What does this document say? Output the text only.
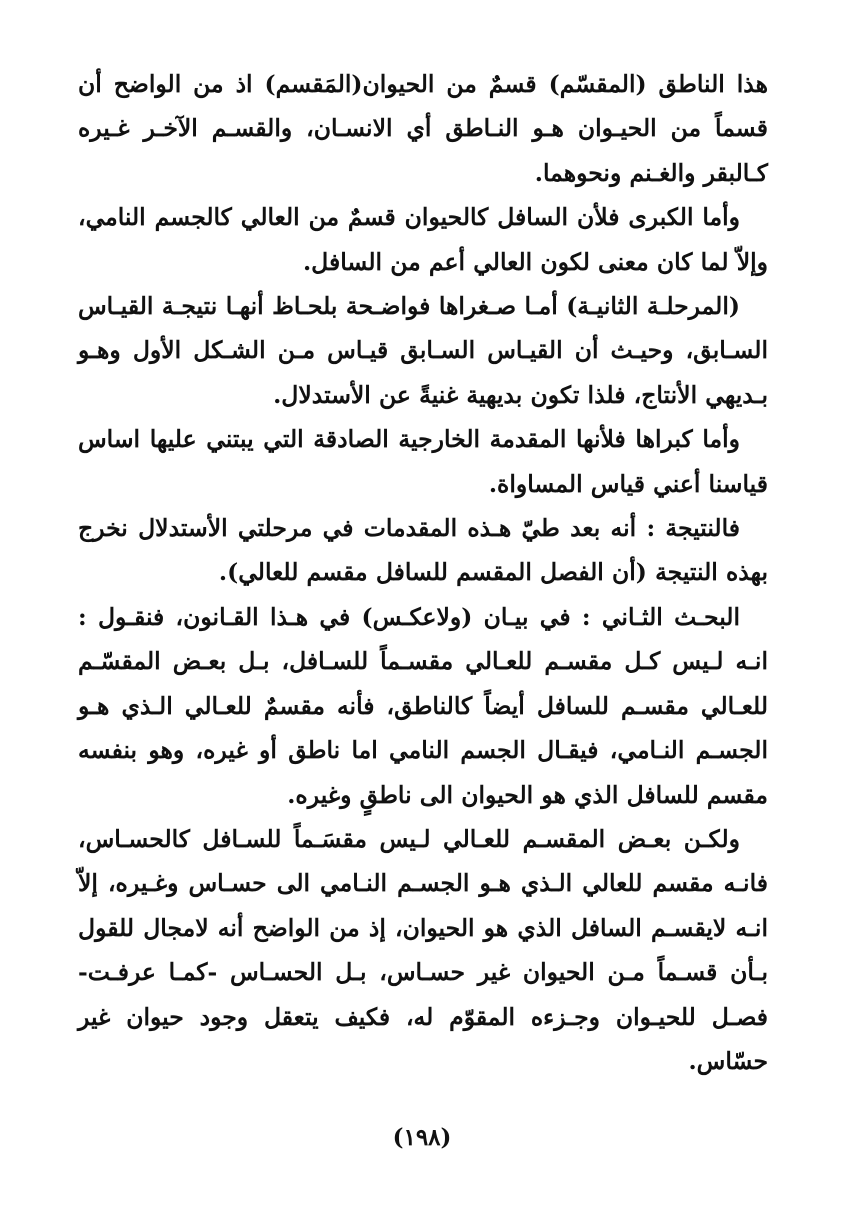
هذا الناطق (المقسّم) قسمٌ من الحيوان(المَقسم) اذ من الواضح أن قسماً من الحيـوان هـو النـاطق أي الانسـان، والقسـم الآخـر غـيره كـالبقر والغـنم ونحوهما.

وأما الكبرى فلأن السافل كالحيوان قسمٌ من العالي كالجسم النامي، وإلاّ لما كان معنى لكون العالي أعم من السافل.

(المرحلـة الثانيـة) أمـا صـغراها فواضـحة بلحـاظ أنهـا نتيجـة القيـاس السـابق، وحيـث أن القيـاس السـابق قيـاس مـن الشـكل الأول وهـو بـديهي الأنتاج، فلذا تكون بديهية غنيةً عن الأستدلال.

وأما كبراها فلأنها المقدمة الخارجية الصادقة التي يبتني عليها اساس قياسنا أعني قياس المساواة.

فالنتيجة : أنه بعد طيّ هـذه المقدمات في مرحلتي الأستدلال نخرج بهذه النتيجة (أن الفصل المقسم للسافل مقسم للعالي).

البحـث الثـاني : في بيـان (ولاعكـس) في هـذا القـانون، فنقـول : انـه لـيس كـل مقسـم للعـالي مقسـماً للسـافل، بـل بعـض المقسّـم للعـالي مقسـم للسافل أيضاً كالناطق، فأنه مقسمٌ للعـالي الـذي هـو الجسـم النـامي، فيقـال الجسم النامي اما ناطق أو غيره، وهو بنفسه مقسم للسافل الذي هو الحيوان الى ناطقٍ وغيره.

ولكـن بعـض المقسـم للعـالي لـيس مقسَـماً للسـافل كالحسـاس، فانـه مقسم للعالي الـذي هـو الجسـم النـامي الى حسـاس وغـيره، إلاّ انـه لايقسـم السافل الذي هو الحيوان، إذ من الواضح أنه لامجال للقول بـأن قسـماً مـن الحيوان غير حسـاس، بـل الحسـاس -كمـا عرفـت- فصـل للحيـوان وجـزءه المقوّم له، فكيف يتعقل وجود حيوان غير حسّاس.

(١٩٨)
